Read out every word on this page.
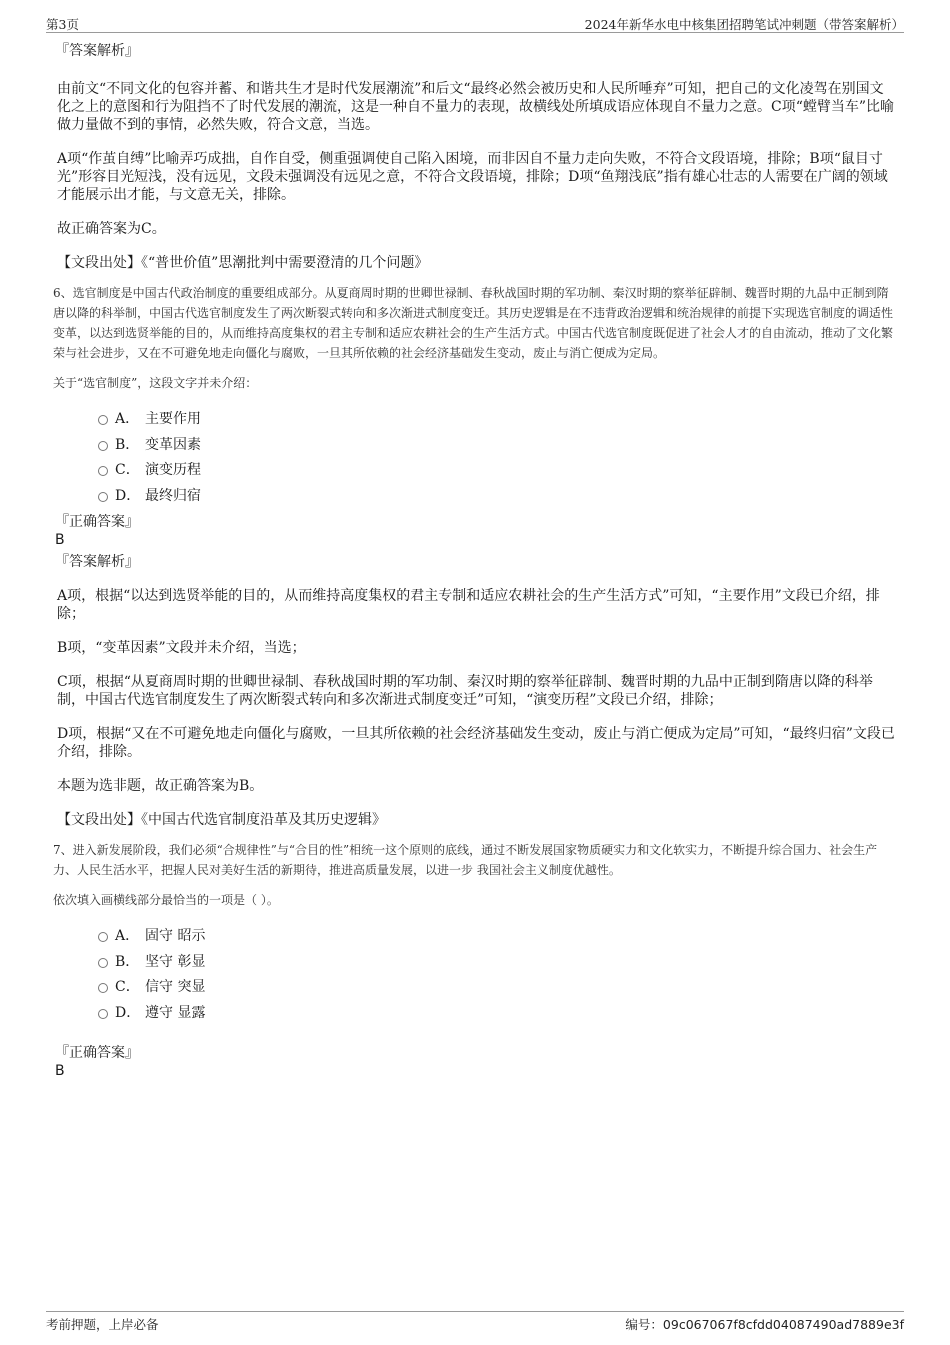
第3页	2024年新华水电中核集团招聘笔试冲刺题（带答案解析）

『答案解析』

由前文“不同文化的包容并蓄、和谐共生才是时代发展潮流”和后文“最终必然会被历史和人民所唾弃”可知，把自己的文化凌驾在别国文化之上的意图和行为阻挡不了时代发展的潮流，这是一种自不量力的表现，故横线处所填成语应体现自不量力之意。C项“螳臂当车”比喻做力量做不到的事情，必然失败，符合文意，当选。

A项“作茧自缚”比喻弄巧成拙，自作自受，侧重强调使自己陷入困境，而非因自不量力走向失败，不符合文段语境，排除；B项“鼠目寸光”形容目光短浅，没有远见，文段未强调没有远见之意，不符合文段语境，排除；D项“鱼翔浅底”指有雄心壮志的人需要在广阔的领域才能展示出才能，与文意无关，排除。

故正确答案为C。

【文段出处】《“普世价值”思潮批判中需要澄清的几个问题》

6、选官制度是中国古代政治制度的重要组成部分。从夏商周时期的世卿世禄制、春秋战国时期的军功制、秦汉时期的察举征辟制、魏晋时期的九品中正制到隋唐以降的科举制，中国古代选官制度发生了两次断裂式转向和多次渐进式制度变迁。其历史逻辑是在不违背政治逻辑和统治规律的前提下实现选官制度的调适性变革，以达到选贤举能的目的，从而维持高度集权的君主专制和适应农耕社会的生产生活方式。中国古代选官制度既促进了社会人才的自由流动，推动了文化繁荣与社会进步，又在不可避免地走向僵化与腐败，一旦其所依赖的社会经济基础发生变动，废止与消亡便成为定局。

关于“选官制度”，这段文字并未介绍：

A． 主要作用
B． 变革因素
C． 演变历程
D． 最终归宿

『正确答案』

B

『答案解析』

A项，根据“以达到选贤举能的目的，从而维持高度集权的君主专制和适应农耕社会的生产生活方式”可知，“主要作用”文段已介绍，排除；

B项，“变革因素”文段并未介绍，当选；

C项，根据“从夏商周时期的世卿世禄制、春秋战国时期的军功制、秦汉时期的察举征辟制、魏晋时期的九品中正制到隋唐以降的科举制，中国古代选官制度发生了两次断裂式转向和多次渐进式制度变迁”可知，“演变历程”文段已介绍，排除；

D项，根据“又在不可避免地走向僵化与腐败，一旦其所依赖的社会经济基础发生变动，废止与消亡便成为定局”可知，“最终归宿”文段已介绍，排除。

本题为选非题，故正确答案为B。

【文段出处】《中国古代选官制度沿革及其历史逻辑》

7、进入新发展阶段，我们必须“合规律性”与“合目的性”相统一这个原则的底线，通过不断发展国家物质硬实力和文化软实力，不断提升综合国力、社会生产力、人民生活水平，把握人民对美好生活的新期待，推进高质量发展，以进一步 我国社会主义制度优越性。

依次填入画横线部分最恰当的一项是（ ）。

A． 固守 昭示
B． 坚守 彰显
C． 信守 突显
D． 遵守 显露

『正确答案』

B

考前押题，上岸必备	编号：09c067067f8cfdd04087490ad7889e3f
